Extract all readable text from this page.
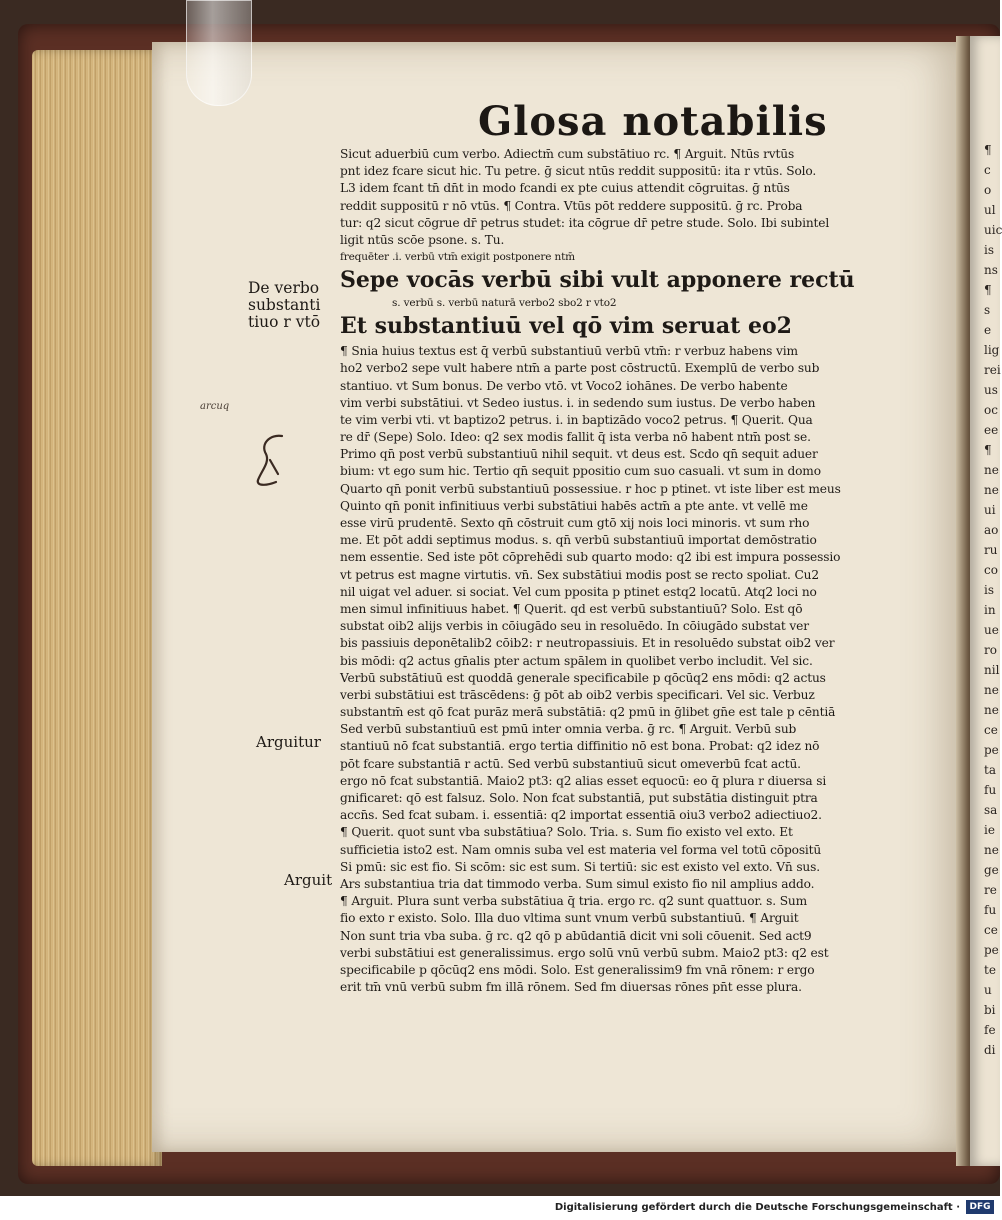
Glosa notabilis
Sicut aduerbiū cum verbo. Adiectm̄ cum substātiuo rc. ¶ Arguit. Ntūs rvtūs
pnt idez fcare sicut hic. Tu petre. ḡ sicut ntūs reddit suppositū: ita r vtūs. Solo.
L3 idem fcant tn̄ dn̄t in modo fcandi ex pte cuius attendit cōgruitas. ḡ ntūs
reddit suppositū r nō vtūs. ¶ Contra. Vtūs pōt reddere suppositū. ḡ rc. Proba
tur: q2 sicut cōgrue dr̄ petrus studet: ita cōgrue dr̄ petre stude. Solo. Ibi subintel
ligit ntūs scōe psone. s. Tu.
frequēter .i. verbū vtm̄ exigit postponere ntm̄
Sepe vocās verbū sibi vult apponere rectū
s. verbū s. verbū naturā verbo2 sbo2 r vto2
Et substantiuū vel qō vim seruat eo2
¶ Snia huius textus est q̄ verbū substantiuū verbū vtm̄: r verbuz habens vim
ho2 verbo2 sepe vult habere ntm̄ a parte post cōstructū. Exemplū de verbo sub
stantiuo. vt Sum bonus. De verbo vtō. vt Voco2 iohānes. De verbo habente
vim verbi substātiui. vt Sedeo iustus. i. in sedendo sum iustus. De verbo haben
te vim verbi vti. vt baptizo2 petrus. i. in baptizādo voco2 petrus. ¶ Querit. Qua
re dr̄ (Sepe) Solo. Ideo: q2 sex modis fallit q̄ ista verba nō habent ntm̄ post se.
Primo qn̄ post verbū substantiuū nihil sequit. vt deus est. Scdo qn̄ sequit aduer
bium: vt ego sum hic. Tertio qn̄ sequit ppositio cum suo casuali. vt sum in domo
Quarto qn̄ ponit verbū substantiuū possessiue. r hoc p ptinet. vt iste liber est meus
Quinto qn̄ ponit infinitiuus verbi substātiui habēs actm̄ a pte ante. vt vellē me
esse virū prudentē. Sexto qn̄ cōstruit cum gtō xij nois loci minoris. vt sum rho
me. Et pōt addi septimus modus. s. qn̄ verbū substantiuū importat demōstratio
nem essentie. Sed iste pōt cōprehēdi sub quarto modo: q2 ibi est impura possessio
vt petrus est magne virtutis. vn̄. Sex substātiui modis post se recto spoliat. Cu2
nil uigat vel aduer. si sociat. Vel cum pposita p ptinet estq2 locatū. Atq2 loci no
men simul infinitiuus habet. ¶ Querit. qd est verbū substantiuū? Solo. Est qō
substat oib2 alijs verbis in cōiugādo seu in resoluēdo. In cōiugādo substat ver
bis passiuis deponētalib2 cōib2: r neutropassiuis. Et in resoluēdo substat oib2 ver
bis mōdi: q2 actus gn̄alis pter actum spālem in quolibet verbo includit. Vel sic.
Verbū substātiuū est quoddā generale specificabile p qōcūq2 ens mōdi: q2 actus
verbi substātiui est trāscēdens: ḡ pōt ab oib2 verbis specificari. Vel sic. Verbuz
substantm̄ est qō fcat purāz merā substātiā: q2 pmū in ḡlibet gn̄e est tale p cēntiā
Sed verbū substantiuū est pmū inter omnia verba. ḡ rc. ¶ Arguit. Verbū sub
stantiuū nō fcat substantiā. ergo tertia diffinitio nō est bona. Probat: q2 idez nō
pōt fcare substantiā r actū. Sed verbū substantiuū sicut omeverbū fcat actū.
ergo nō fcat substantiā. Maio2 pt3: q2 alias esset equocū: eo q̄ plura r diuersa si
gnificaret: qō est falsuz. Solo. Non fcat substantiā, put substātia distinguit ptra
accn̄s. Sed fcat subam. i. essentiā: q2 importat essentiā oiu3 verbo2 adiectiuo2.
¶ Querit. quot sunt vba substātiua? Solo. Tria. s. Sum fio existo vel exto. Et
sufficietia isto2 est. Nam omnis suba vel est materia vel forma vel totū cōpositū
Si pmū: sic est fio. Si scōm: sic est sum. Si tertiū: sic est existo vel exto. Vn̄ sus.
Ars substantiua tria dat timmodo verba. Sum simul existo fio nil amplius addo.
¶ Arguit. Plura sunt verba substātiua q̄ tria. ergo rc. q2 sunt quattuor. s. Sum
fio exto r existo. Solo. Illa duo vltima sunt vnum verbū substantiuū. ¶ Arguit
Non sunt tria vba suba. ḡ rc. q2 qō p abūdantiā dicit vni soli cōuenit. Sed act9
verbi substātiui est generalissimus. ergo solū vnū verbū subm. Maio2 pt3: q2 est
specificabile p qōcūq2 ens mōdi. Solo. Est generalissim9 fm vnā rōnem: r ergo
erit tm̄ vnū verbū subm fm illā rōnem. Sed fm diuersas rōnes pn̄t esse plura.
De verbo
substanti
tiuo r vtō
arcuq
Arguitur
Arguit
¶
c
o
ul
uic
is
ns
¶
s
e
lig
rei
us
oc
ee
¶
ne
ne
ui
ao
ru
co
is
in
ue
ro
nil
ne
ne
ce
pe
ta
fu
sa
ie
ne
ge
re
fu
ce
pe
te
u
bi
fe
di
Digitalisierung gefördert durch die Deutsche Forschungsgemeinschaft ·	DFG
